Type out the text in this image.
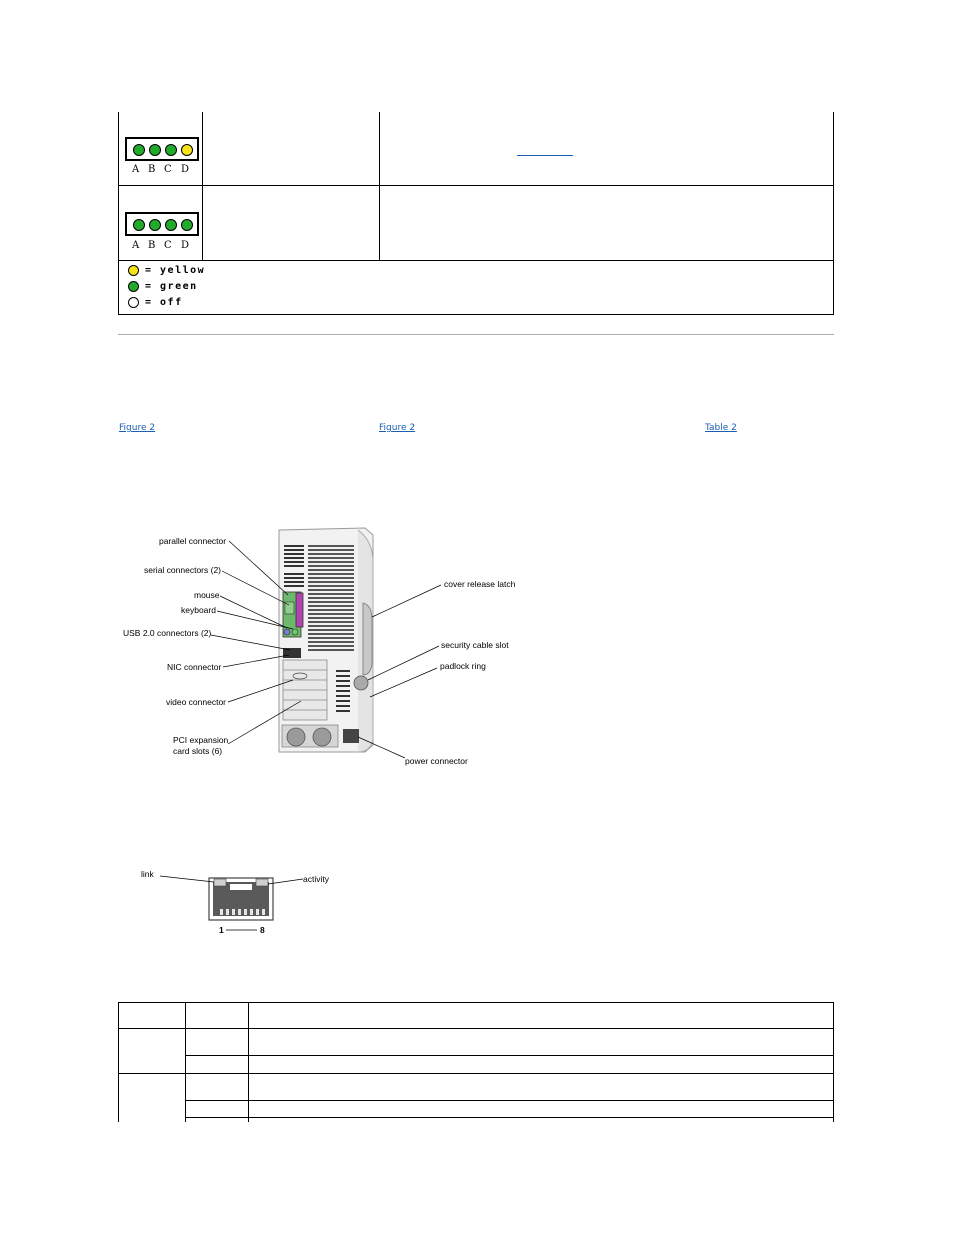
A B C D
A B C D
= yellow
= green
= off
Figure 2	Figure 2	Table 2
parallel connector
serial connectors (2)
mouse
keyboard
USB 2.0 connectors (2)
NIC connector
video connector
PCI expansion
card slots (6)
cover release latch
security cable slot
padlock ring
power connector
link	activity
1	8
